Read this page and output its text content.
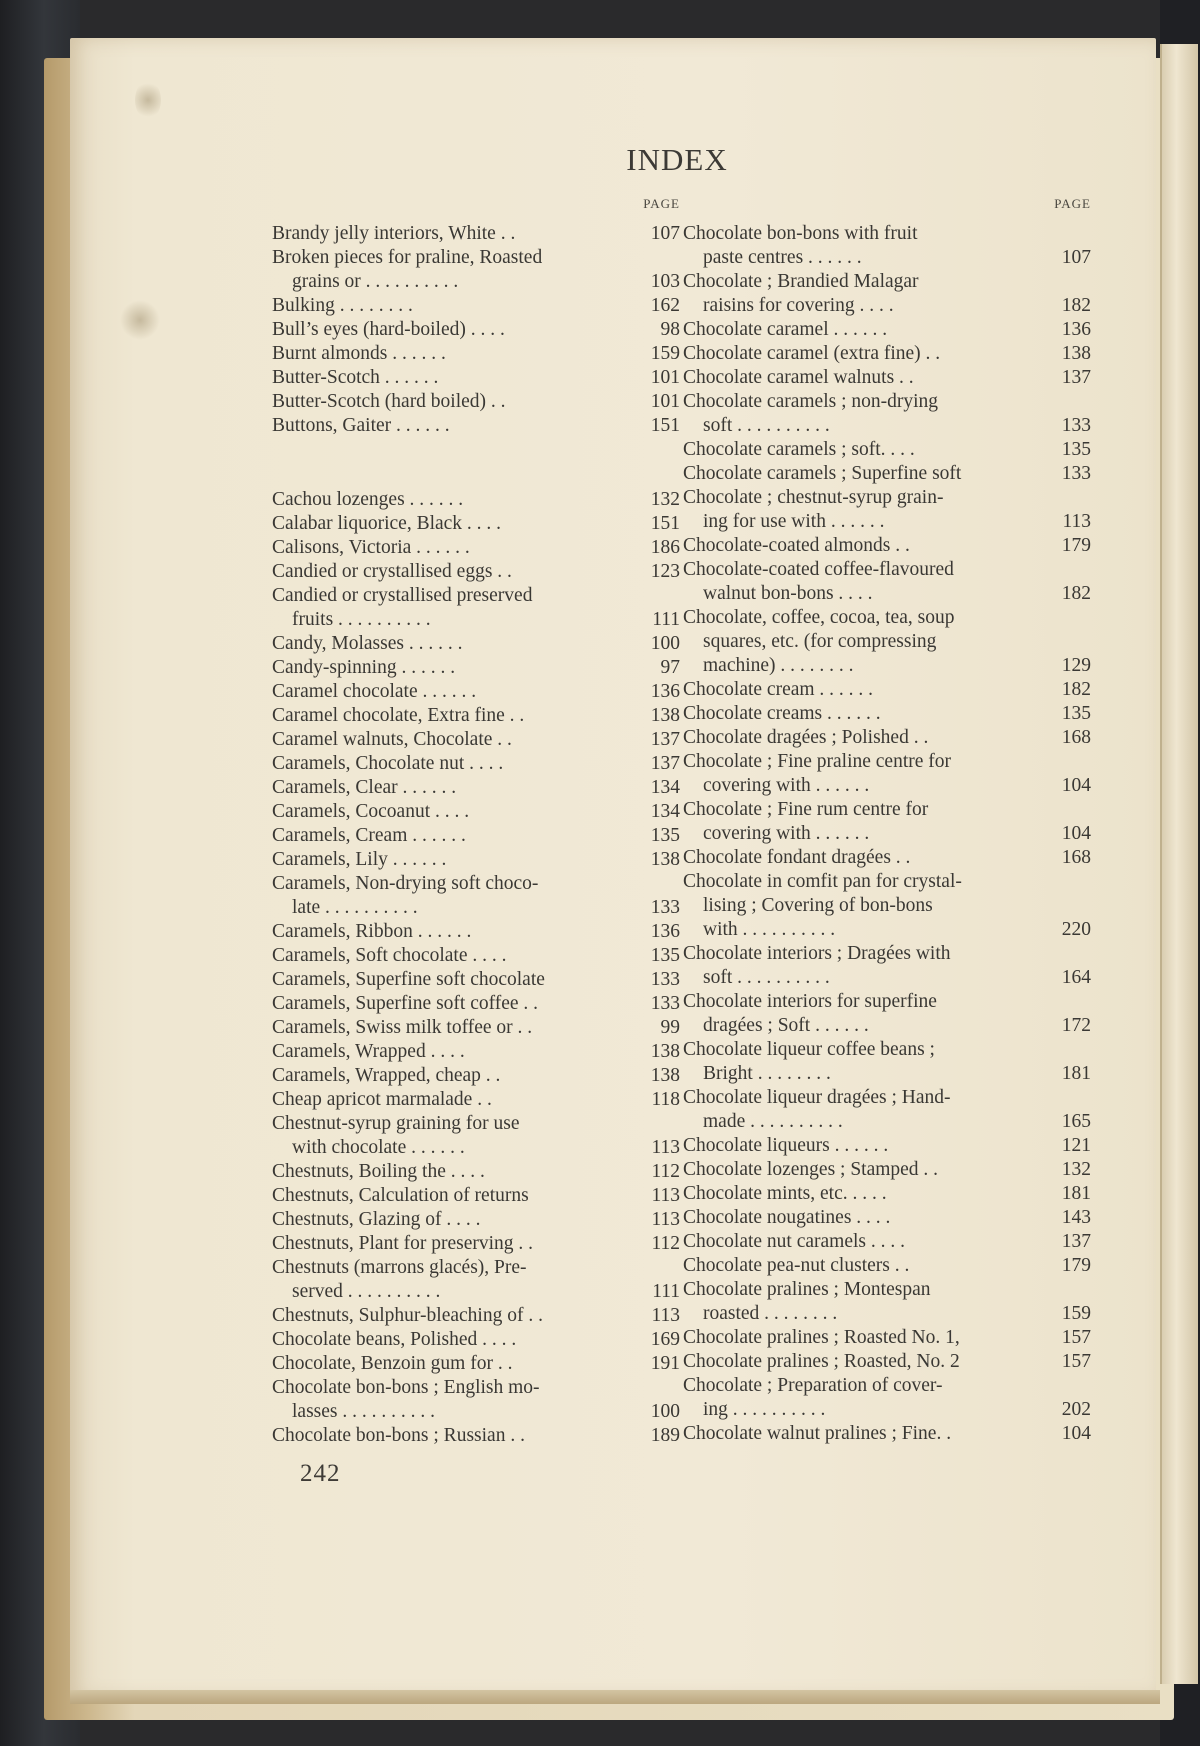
INDEX
PAGE
Brandy jelly interiors, White . .	107
Broken pieces for praline, Roasted
grains or . . . . . . . . . .	103
Bulking . . . . . . . .	162
Bull’s eyes (hard-boiled) . . . .	98
Burnt almonds . . . . . .	159
Butter-Scotch . . . . . .	101
Butter-Scotch (hard boiled) . .	101
Buttons, Gaiter . . . . . .	151
Cachou lozenges . . . . . .	132
Calabar liquorice, Black . . . .	151
Calisons, Victoria . . . . . .	186
Candied or crystallised eggs . .	123
Candied or crystallised preserved
fruits . . . . . . . . . .	111
Candy, Molasses . . . . . .	100
Candy-spinning . . . . . .	97
Caramel chocolate . . . . . .	136
Caramel chocolate, Extra fine . .	138
Caramel walnuts, Chocolate . .	137
Caramels, Chocolate nut . . . .	137
Caramels, Clear . . . . . .	134
Caramels, Cocoanut . . . .	134
Caramels, Cream . . . . . .	135
Caramels, Lily . . . . . .	138
Caramels, Non-drying soft choco-
late . . . . . . . . . .	133
Caramels, Ribbon . . . . . .	136
Caramels, Soft chocolate . . . .	135
Caramels, Superfine soft chocolate	133
Caramels, Superfine soft coffee . .	133
Caramels, Swiss milk toffee or . .	99
Caramels, Wrapped . . . .	138
Caramels, Wrapped, cheap . .	138
Cheap apricot marmalade . .	118
Chestnut-syrup graining for use
with chocolate . . . . . .	113
Chestnuts, Boiling the . . . .	112
Chestnuts, Calculation of returns	113
Chestnuts, Glazing of . . . .	113
Chestnuts, Plant for preserving . .	112
Chestnuts (marrons glacés), Pre-
served . . . . . . . . . .	111
Chestnuts, Sulphur-bleaching of . .	113
Chocolate beans, Polished . . . .	169
Chocolate, Benzoin gum for . .	191
Chocolate bon-bons ; English mo-
lasses . . . . . . . . . .	100
Chocolate bon-bons ; Russian . .	189
PAGE
Chocolate bon-bons with fruit
paste centres . . . . . .	107
Chocolate ; Brandied Malagar
raisins for covering . . . .	182
Chocolate caramel . . . . . .	136
Chocolate caramel (extra fine) . .	138
Chocolate caramel walnuts . .	137
Chocolate caramels ; non-drying
soft . . . . . . . . . .	133
Chocolate caramels ; soft. . . .	135
Chocolate caramels ; Superfine soft	133
Chocolate ; chestnut-syrup grain-
ing for use with . . . . . .	113
Chocolate-coated almonds . .	179
Chocolate-coated coffee-flavoured
walnut bon-bons . . . .	182
Chocolate, coffee, cocoa, tea, soup
squares, etc. (for compressing
machine) . . . . . . . .	129
Chocolate cream . . . . . .	182
Chocolate creams . . . . . .	135
Chocolate dragées ; Polished . .	168
Chocolate ; Fine praline centre for
covering with . . . . . .	104
Chocolate ; Fine rum centre for
covering with . . . . . .	104
Chocolate fondant dragées . .	168
Chocolate in comfit pan for crystal-
lising ; Covering of bon-bons
with . . . . . . . . . .	220
Chocolate interiors ; Dragées with
soft . . . . . . . . . .	164
Chocolate interiors for superfine
dragées ; Soft . . . . . .	172
Chocolate liqueur coffee beans ;
Bright . . . . . . . .	181
Chocolate liqueur dragées ; Hand-
made . . . . . . . . . .	165
Chocolate liqueurs . . . . . .	121
Chocolate lozenges ; Stamped . .	132
Chocolate mints, etc. . . . .	181
Chocolate nougatines . . . .	143
Chocolate nut caramels . . . .	137
Chocolate pea-nut clusters . .	179
Chocolate pralines ; Montespan
roasted . . . . . . . .	159
Chocolate pralines ; Roasted No. 1,	157
Chocolate pralines ; Roasted, No. 2	157
Chocolate ; Preparation of cover-
ing . . . . . . . . . .	202
Chocolate walnut pralines ; Fine. .	104
242
